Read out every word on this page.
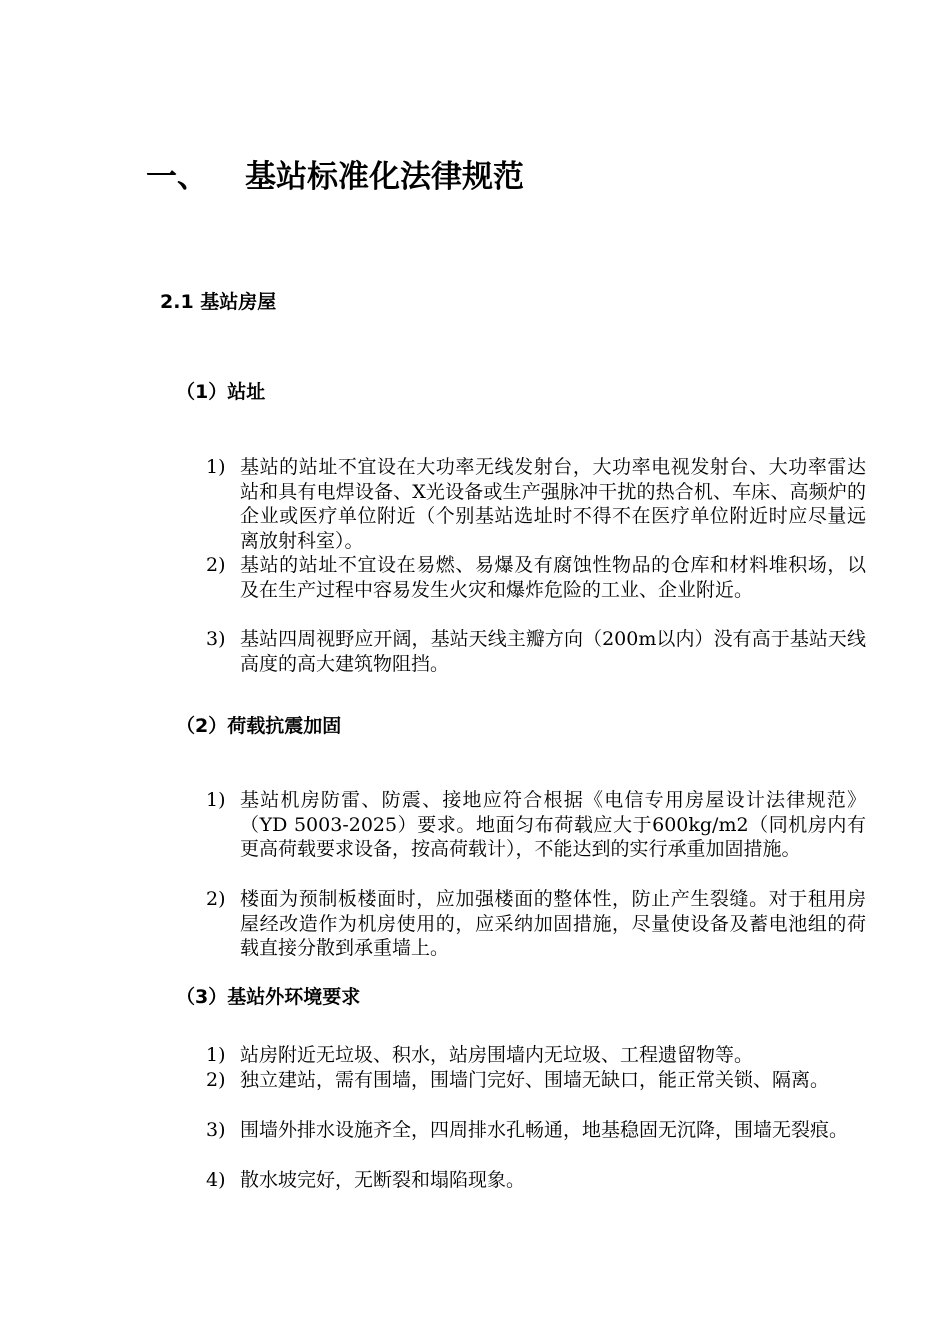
一、 基站标准化法律规范
2.1 基站房屋
（1）站址
1) 基站的站址不宜设在大功率无线发射台，大功率电视发射台、大功率雷达站和具有电焊设备、X光设备或生产强脉冲干扰的热合机、车床、高频炉的企业或医疗单位附近（个别基站选址时不得不在医疗单位附近时应尽量远离放射科室）。
2) 基站的站址不宜设在易燃、易爆及有腐蚀性物品的仓库和材料堆积场，以及在生产过程中容易发生火灾和爆炸危险的工业、企业附近。
3) 基站四周视野应开阔，基站天线主瓣方向（200m以内）没有高于基站天线高度的高大建筑物阻挡。
（2）荷载抗震加固
1) 基站机房防雷、防震、接地应符合根据《电信专用房屋设计法律规范》（YD 5003-2025）要求。地面匀布荷载应大于600kg/m2（同机房内有更高荷载要求设备，按高荷载计），不能达到的实行承重加固措施。
2) 楼面为预制板楼面时，应加强楼面的整体性，防止产生裂缝。对于租用房屋经改造作为机房使用的，应采纳加固措施，尽量使设备及蓄电池组的荷载直接分散到承重墙上。
（3）基站外环境要求
1) 站房附近无垃圾、积水，站房围墙内无垃圾、工程遗留物等。
2) 独立建站，需有围墙，围墙门完好、围墙无缺口，能正常关锁、隔离。
3) 围墙外排水设施齐全，四周排水孔畅通，地基稳固无沉降，围墙无裂痕。
4) 散水坡完好，无断裂和塌陷现象。
